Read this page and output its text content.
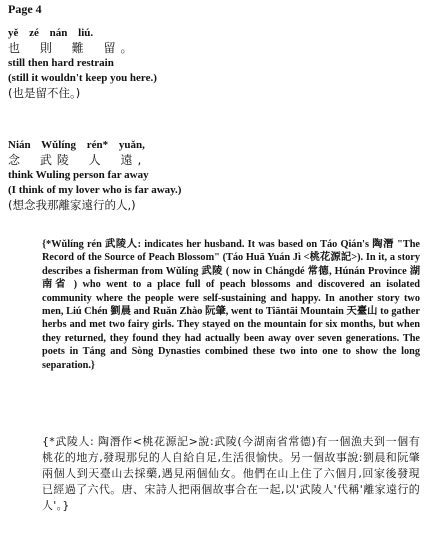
Page 4
yě zé nán liú.
也 則 難 留。
still then hard restrain
(still it wouldn't keep you here.)
(也是留不住。)
Nián Wǔlíng rén* yuǎn,
念 武陵 人 遠,
think Wuling person far away
(I think of my lover who is far away.)
(想念我那離家遠行的人,)
{*Wǔlíng rén 武陵人: indicates her husband. It was based on Táo Qián's 陶潛 "The Record of the Source of Peach Blossom" (Táo Huā Yuán Jì <桃花源記>). In it, a story describes a fisherman from Wǔlíng 武陵 ( now in Chángdé 常德, Húnán Province 湖南省 ) who went to a place full of peach blossoms and discovered an isolated community where the people were self-sustaining and happy. In another story two men, Liú Chén 劉晨 and Ruǎn Zhào 阮肇, went to Tiāntāi Mountain 天臺山 to gather herbs and met two fairy girls. They stayed on the mountain for six months, but when they returned, they found they had actually been away over seven generations. The poets in Táng and Sòng Dynasties combined these two into one to show the long separation.}
{*武陵人: 陶潛作<桃花源記>說:武陵(今湖南省常德)有一個漁夫到一個有桃花的地方,發現那兒的人自給自足,生活很愉快。另一個故事說:劉晨和阮肇兩個人到天臺山去採藥,遇見兩個仙女。他們在山上住了六個月,回家後發現已經過了六代。唐、宋詩人把兩個故事合在一起,以'武陵人'代稱'離家遠行的人'。}
